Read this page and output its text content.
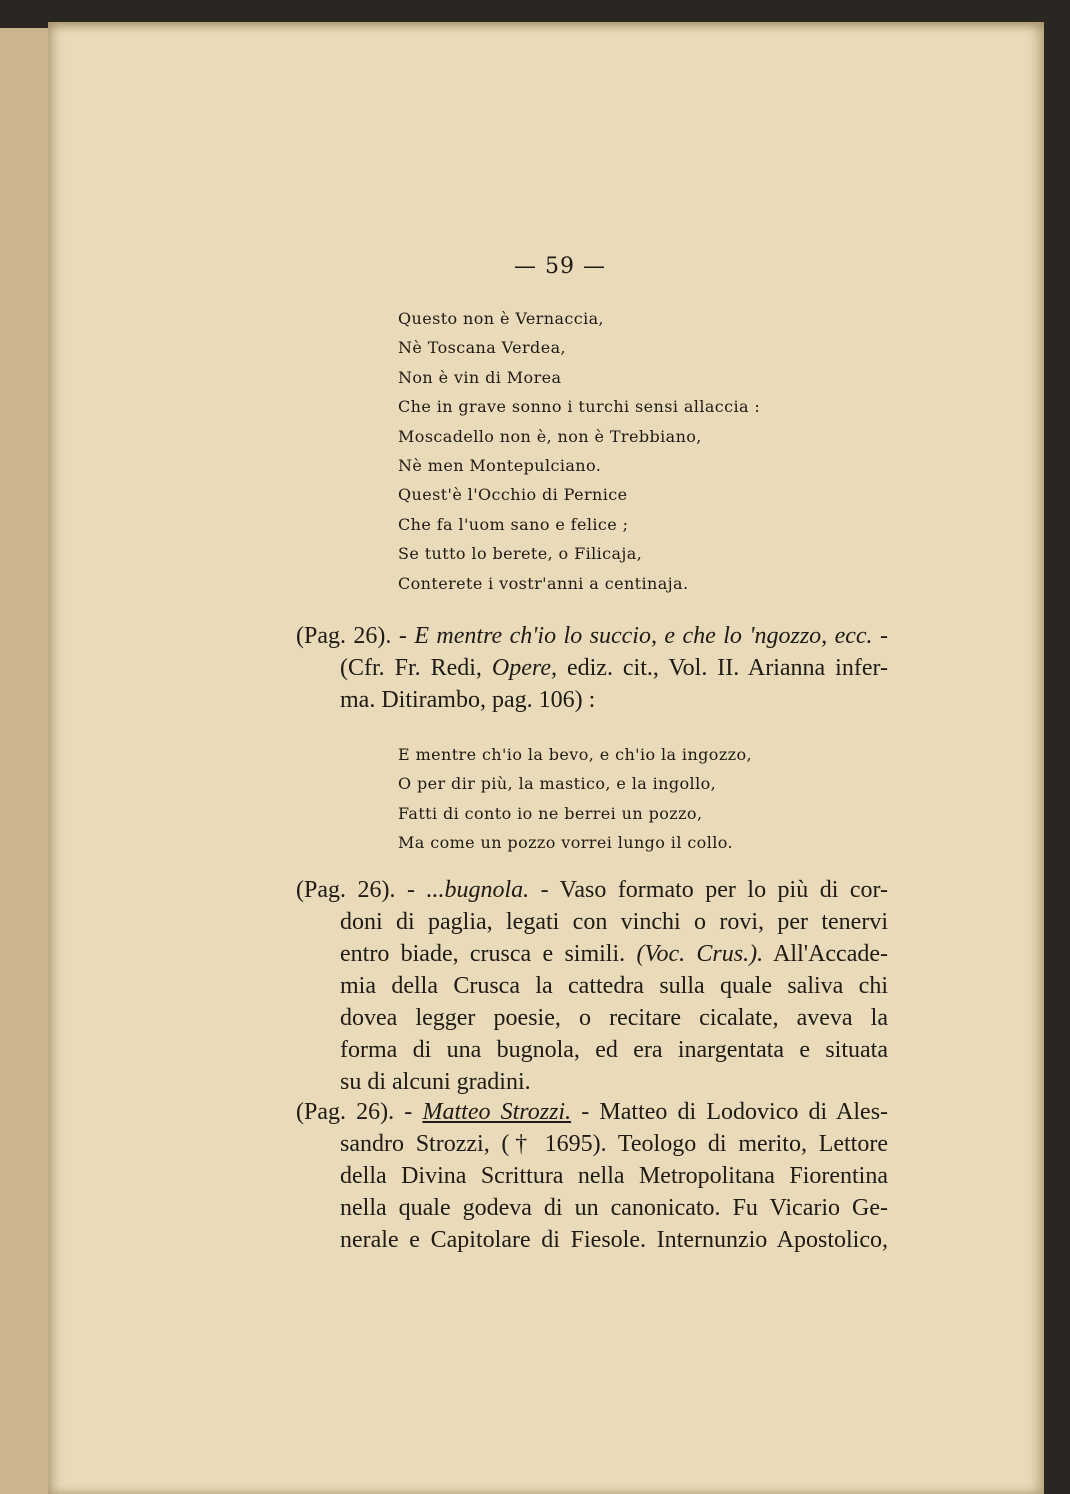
— 59 —
Questo non è Vernaccia,
Nè Toscana Verdea,
Non è vin di Morea
Che in grave sonno i turchi sensi allaccia :
Moscadello non è, non è Trebbiano,
Nè men Montepulciano.
Quest'è l'Occhio di Pernice
Che fa l'uom sano e felice ;
Se tutto lo berete, o Filicaja,
Conterete i vostr'anni a centinaja.
(Pag. 26). - E mentre ch'io lo succio, e che lo 'ngozzo, ecc. -
(Cfr. Fr. Redi, Opere, ediz. cit., Vol. II. Arianna infer-
ma. Ditirambo, pag. 106) :
E mentre ch'io la bevo, e ch'io la ingozzo,
O per dir più, la mastico, e la ingollo,
Fatti di conto io ne berrei un pozzo,
Ma come un pozzo vorrei lungo il collo.
(Pag. 26). - ...bugnola. - Vaso formato per lo più di cor-
doni di paglia, legati con vinchi o rovi, per tenervi
entro biade, crusca e simili. (Voc. Crus.). All'Accade-
mia della Crusca la cattedra sulla quale saliva chi
dovea legger poesie, o recitare cicalate, aveva la
forma di una bugnola, ed era inargentata e situata
su di alcuni gradini.
(Pag. 26). - Matteo Strozzi. - Matteo di Lodovico di Ales-
sandro Strozzi, († 1695). Teologo di merito, Lettore
della Divina Scrittura nella Metropolitana Fiorentina
nella quale godeva di un canonicato. Fu Vicario Ge-
nerale e Capitolare di Fiesole. Internunzio Apostolico,
